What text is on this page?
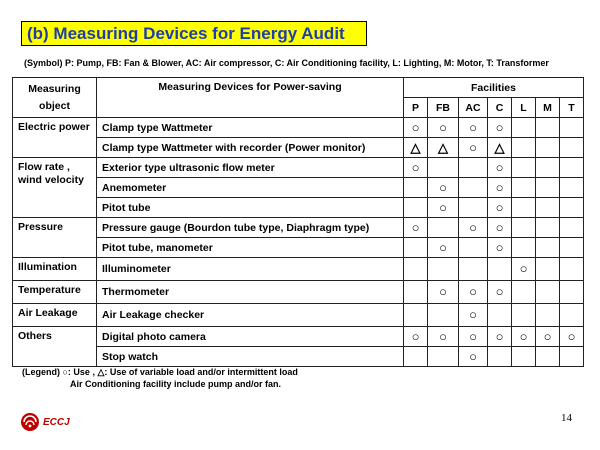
(b) Measuring Devices for Energy Audit
(Symbol) P: Pump, FB: Fan & Blower, AC: Air compressor, C: Air Conditioning facility, L: Lighting, M: Motor, T: Transformer
Measuring object	Measuring Devices for Power-saving	Facilities						
		P	FB	AC	C	L	M	T
Electric power	Clamp type Wattmeter	○	○	○	○			
	Clamp type Wattmeter with recorder (Power monitor)	△	△	○	△			
Flow rate , wind velocity	Exterior type ultrasonic flow meter	○			○			
	Anemometer		○		○			
	Pitot tube		○		○			
Pressure	Pressure gauge (Bourdon tube type, Diaphragm type)	○		○	○			
	Pitot tube, manometer		○		○			
Illumination	Illuminometer					○		
Temperature	Thermometer		○	○	○			
Air Leakage	Air Leakage checker			○				
Others	Digital photo camera	○	○	○	○	○	○	○
	Stop watch			○				
(Legend) ○: Use , △: Use of variable load and/or intermittent load
Air Conditioning facility include pump and/or fan.
ECCJ	14
